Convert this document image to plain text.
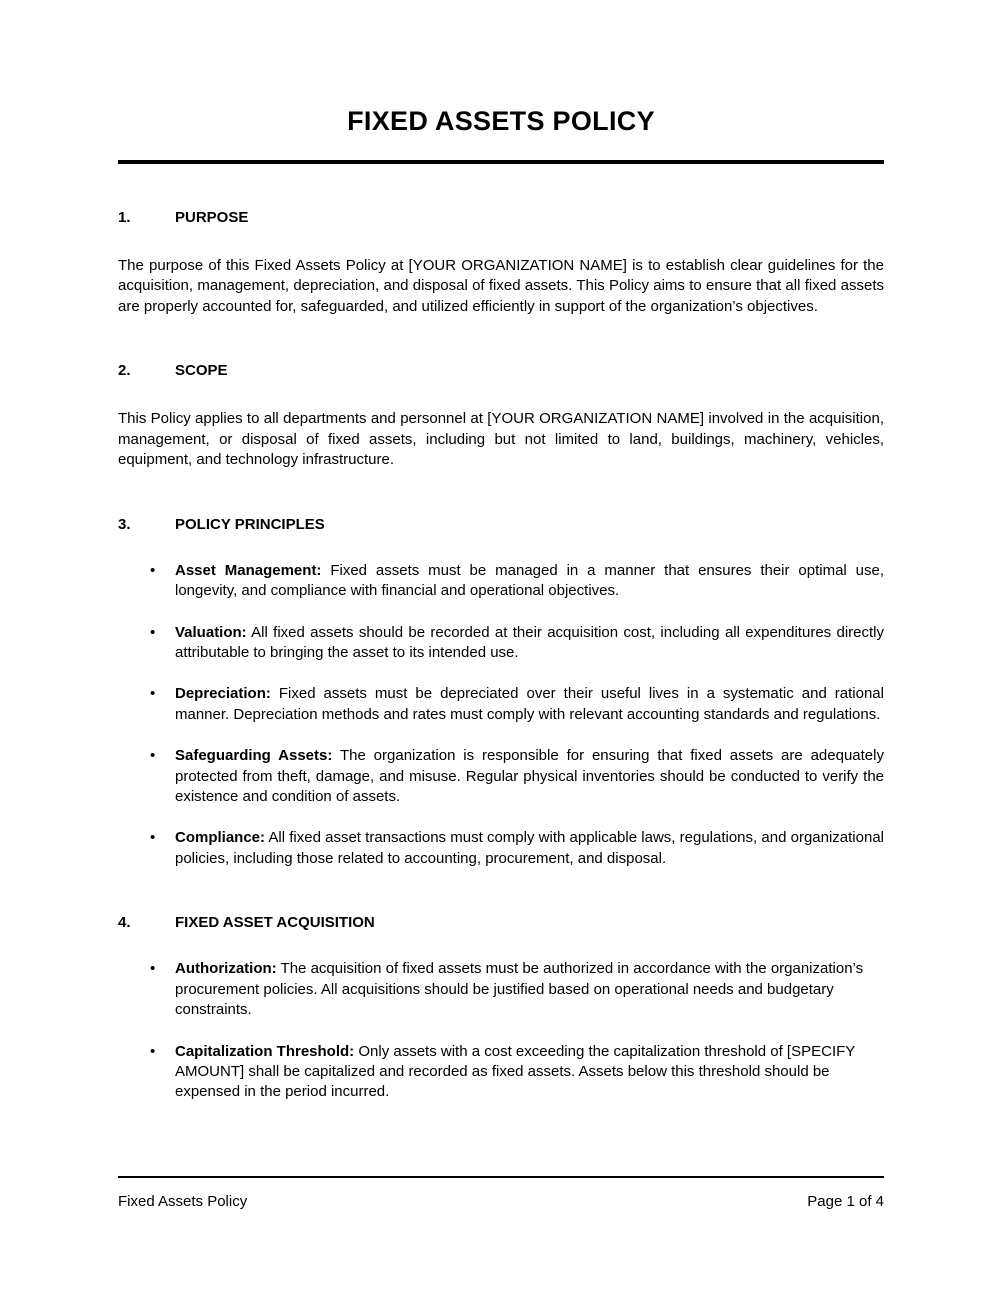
FIXED ASSETS POLICY
1.	PURPOSE

The purpose of this Fixed Assets Policy at [YOUR ORGANIZATION NAME] is to establish clear guidelines for the acquisition, management, depreciation, and disposal of fixed assets. This Policy aims to ensure that all fixed assets are properly accounted for, safeguarded, and utilized efficiently in support of the organization’s objectives.

2.	SCOPE

This Policy applies to all departments and personnel at [YOUR ORGANIZATION NAME] involved in the acquisition, management, or disposal of fixed assets, including but not limited to land, buildings, machinery, vehicles, equipment, and technology infrastructure.

3.	POLICY PRINCIPLES
• Asset Management: Fixed assets must be managed in a manner that ensures their optimal use, longevity, and compliance with financial and operational objectives.
• Valuation: All fixed assets should be recorded at their acquisition cost, including all expenditures directly attributable to bringing the asset to its intended use.
• Depreciation: Fixed assets must be depreciated over their useful lives in a systematic and rational manner. Depreciation methods and rates must comply with relevant accounting standards and regulations.
• Safeguarding Assets: The organization is responsible for ensuring that fixed assets are adequately protected from theft, damage, and misuse. Regular physical inventories should be conducted to verify the existence and condition of assets.
• Compliance: All fixed asset transactions must comply with applicable laws, regulations, and organizational policies, including those related to accounting, procurement, and disposal.
4.	FIXED ASSET ACQUISITION
• Authorization: The acquisition of fixed assets must be authorized in accordance with the organization’s procurement policies. All acquisitions should be justified based on operational needs and budgetary constraints.
• Capitalization Threshold: Only assets with a cost exceeding the capitalization threshold of [SPECIFY AMOUNT] shall be capitalized and recorded as fixed assets. Assets below this threshold should be expensed in the period incurred.
Fixed Assets Policy	Page 1 of 4
